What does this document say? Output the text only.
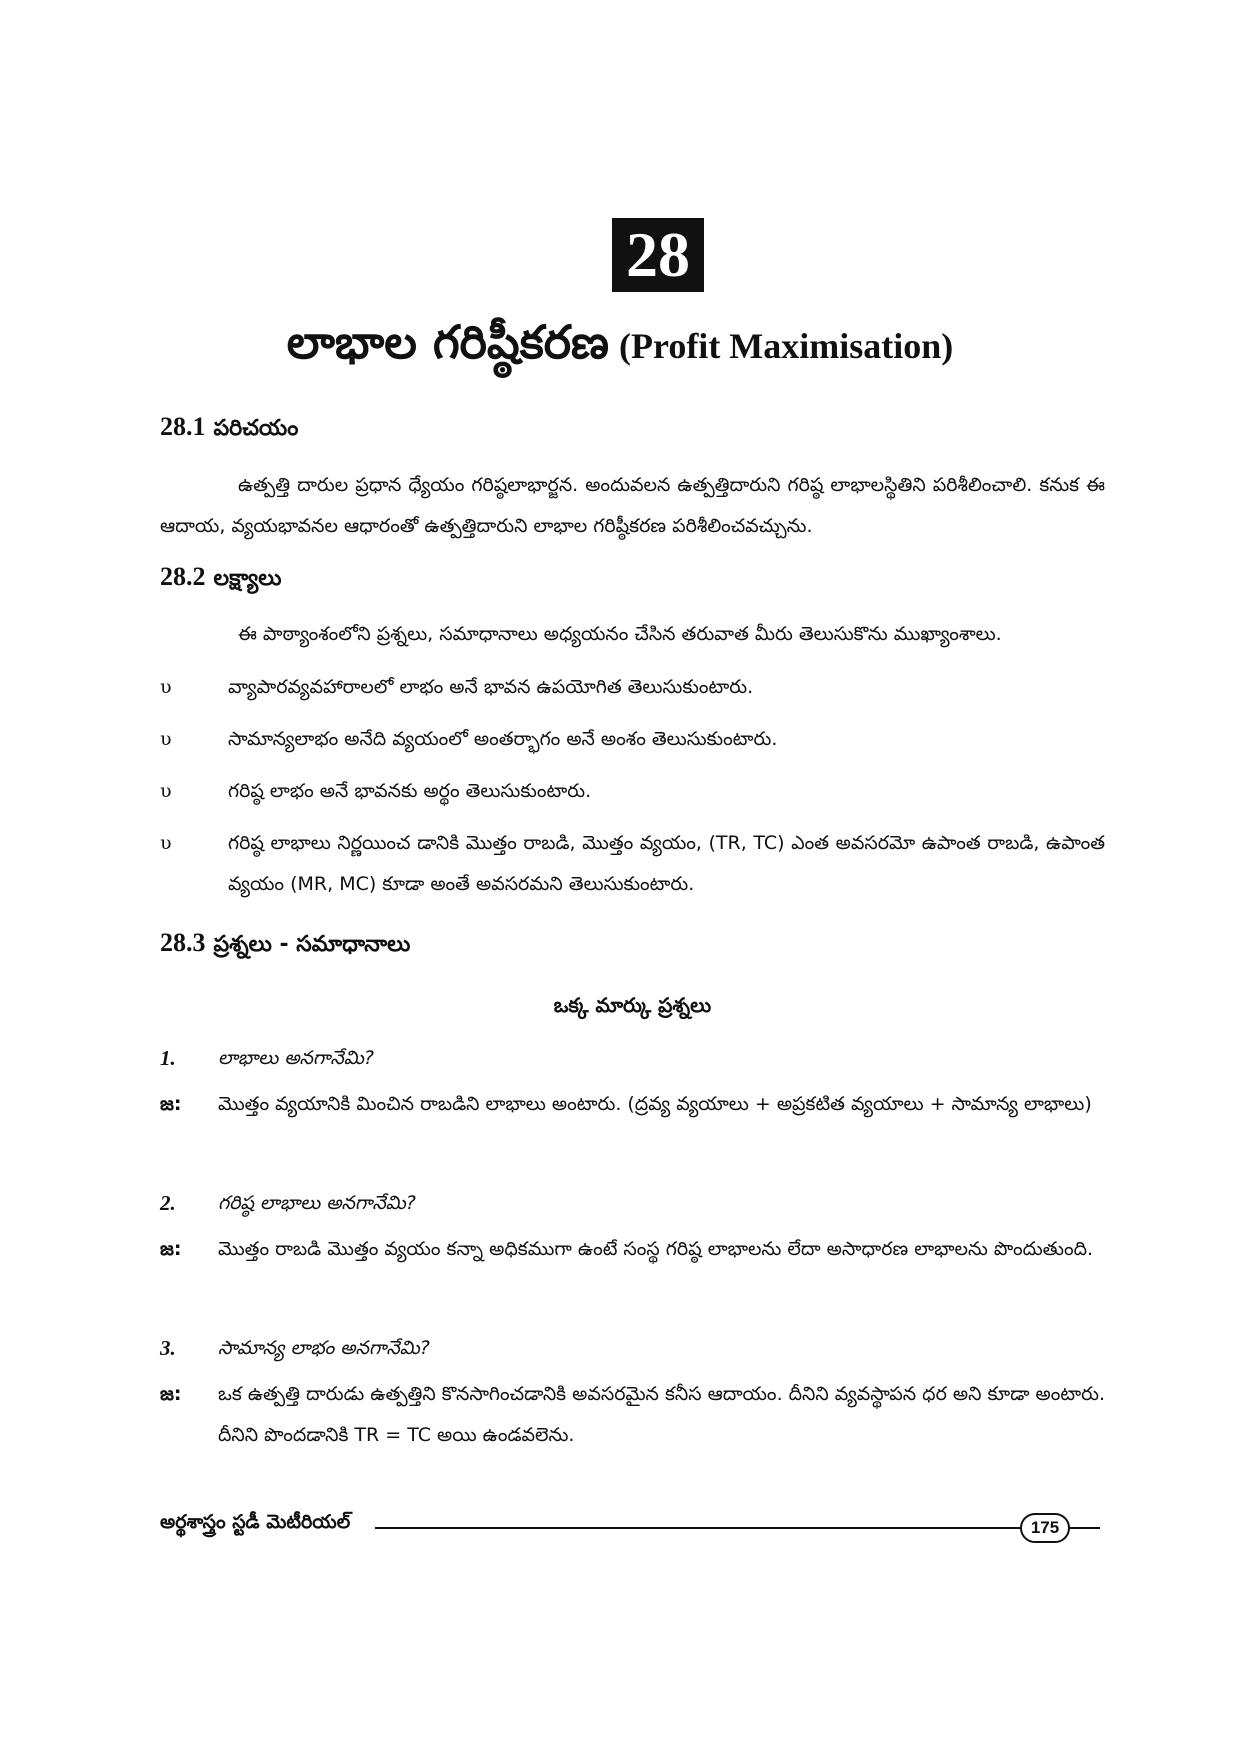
28
లాభాల గరిష్ఠీకరణ (Profit Maximisation)
28.1 పరిచయం
ఉత్పత్తి దారుల ప్రధాన ధ్యేయం గరిష్ఠలాభార్జన. అందువలన ఉత్పత్తిదారుని గరిష్ఠ లాభాలస్థితిని పరిశీలించాలి. కనుక ఈ ఆదాయ, వ్యయభావనల ఆధారంతో ఉత్పత్తిదారుని లాభాల గరిష్ఠీకరణ పరిశీలించవచ్చును.
28.2 లక్ష్యాలు
ఈ పాఠ్యాంశంలోని ప్రశ్నలు, సమాధానాలు అధ్యయనం చేసిన తరువాత మీరు తెలుసుకొను ముఖ్యాంశాలు.
υ	వ్యాపారవ్యవహారాలలో లాభం అనే భావన ఉపయోగిత తెలుసుకుంటారు.
υ	సామాన్యలాభం అనేది వ్యయంలో అంతర్భాగం అనే అంశం తెలుసుకుంటారు.
υ	గరిష్ఠ లాభం అనే భావనకు అర్థం తెలుసుకుంటారు.
υ	గరిష్ఠ లాభాలు నిర్ణయించ డానికి మొత్తం రాబడి, మొత్తం వ్యయం, (TR, TC) ఎంత అవసరమో ఉపాంత రాబడి, ఉపాంత వ్యయం (MR, MC) కూడా అంతే అవసరమని తెలుసుకుంటారు.
28.3 ప్రశ్నలు - సమాధానాలు
ఒక్క మార్కు ప్రశ్నలు
1. లాభాలు అనగానేమి?
జ: మొత్తం వ్యయానికి మించిన రాబడిని లాభాలు అంటారు. (ద్రవ్య వ్యయాలు + అప్రకటిత వ్యయాలు + సామాన్య లాభాలు)
2. గరిష్ఠ లాభాలు అనగానేమి?
జ: మొత్తం రాబడి మొత్తం వ్యయం కన్నా అధికముగా ఉంటే సంస్థ గరిష్ఠ లాభాలను లేదా అసాధారణ లాభాలను పొందుతుంది.
3. సామాన్య లాభం అనగానేమి?
జ: ఒక ఉత్పత్తి దారుడు ఉత్పత్తిని కొనసాగించడానికి అవసరమైన కనీస ఆదాయం. దీనిని వ్యవస్థాపన ధర అని కూడా అంటారు. దీనిని పొందడానికి TR = TC అయి ఉండవలెను.
అర్థశాస్త్రం స్టడీ మెటీరియల్	175
